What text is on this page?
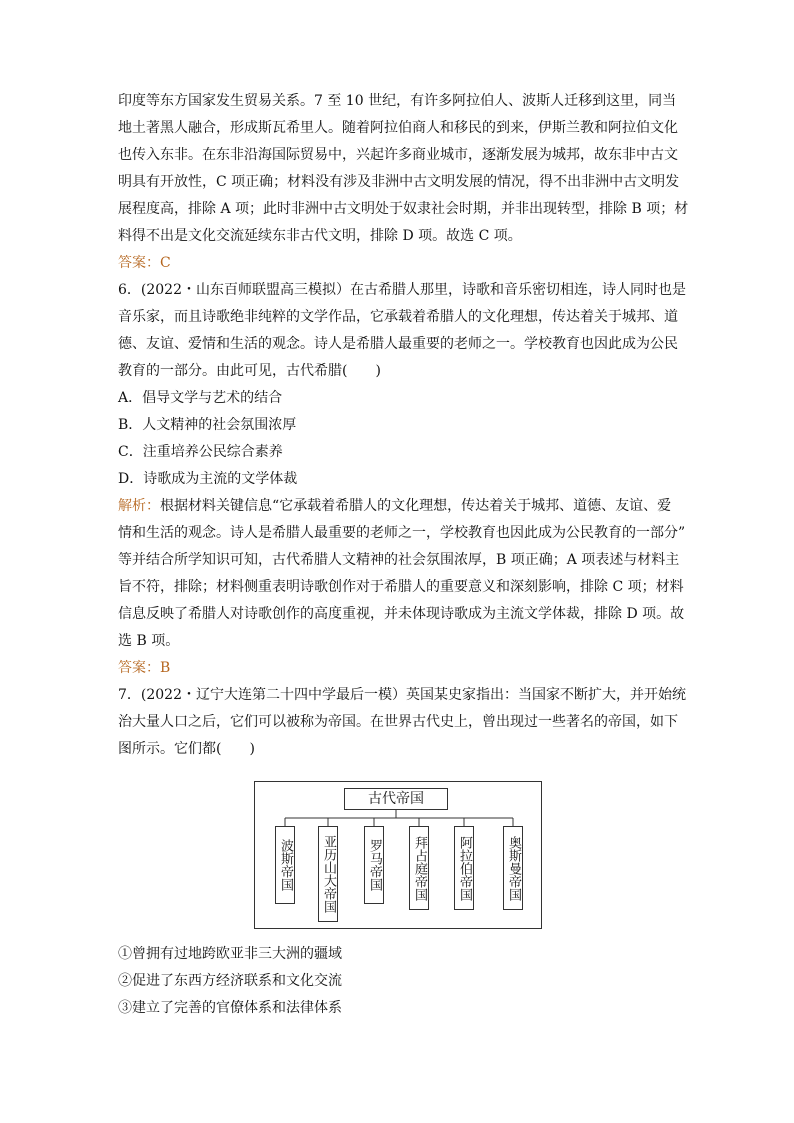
印度等东方国家发生贸易关系。7 至 10 世纪，有许多阿拉伯人、波斯人迁移到这里，同当
地土著黑人融合，形成斯瓦希里人。随着阿拉伯商人和移民的到来，伊斯兰教和阿拉伯文化
也传入东非。在东非沿海国际贸易中，兴起许多商业城市，逐渐发展为城邦，故东非中古文
明具有开放性，C 项正确；材料没有涉及非洲中古文明发展的情况，得不出非洲中古文明发
展程度高，排除 A 项；此时非洲中古文明处于奴隶社会时期，并非出现转型，排除 B 项；材
料得不出是文化交流延续东非古代文明，排除 D 项。故选 C 项。
答案：C
6．(2022・山东百师联盟高三模拟）在古希腊人那里，诗歌和音乐密切相连，诗人同时也是
音乐家，而且诗歌绝非纯粹的文学作品，它承载着希腊人的文化理想，传达着关于城邦、道
德、友谊、爱情和生活的观念。诗人是希腊人最重要的老师之一。学校教育也因此成为公民
教育的一部分。由此可见，古代希腊(　　)
A．倡导文学与艺术的结合
B．人文精神的社会氛围浓厚
C．注重培养公民综合素养
D．诗歌成为主流的文学体裁
解析：根据材料关键信息“它承载着希腊人的文化理想，传达着关于城邦、道德、友谊、爱
情和生活的观念。诗人是希腊人最重要的老师之一，学校教育也因此成为公民教育的一部分”
等并结合所学知识可知，古代希腊人文精神的社会氛围浓厚，B 项正确；A 项表述与材料主
旨不符，排除；材料侧重表明诗歌创作对于希腊人的重要意义和深刻影响，排除 C 项；材料
信息反映了希腊人对诗歌创作的高度重视，并未体现诗歌成为主流文学体裁，排除 D 项。故
选 B 项。
答案：B
7．(2022・辽宁大连第二十四中学最后一模）英国某史家指出：当国家不断扩大，并开始统
治大量人口之后，它们可以被称为帝国。在世界古代史上，曾出现过一些著名的帝国，如下
图所示。它们都(　　)
古代帝国
波斯帝国 亚历山大帝国 罗马帝国 拜占庭帝国 阿拉伯帝国	奥斯曼帝国
①曾拥有过地跨欧亚非三大洲的疆域
②促进了东西方经济联系和文化交流
③建立了完善的官僚体系和法律体系
